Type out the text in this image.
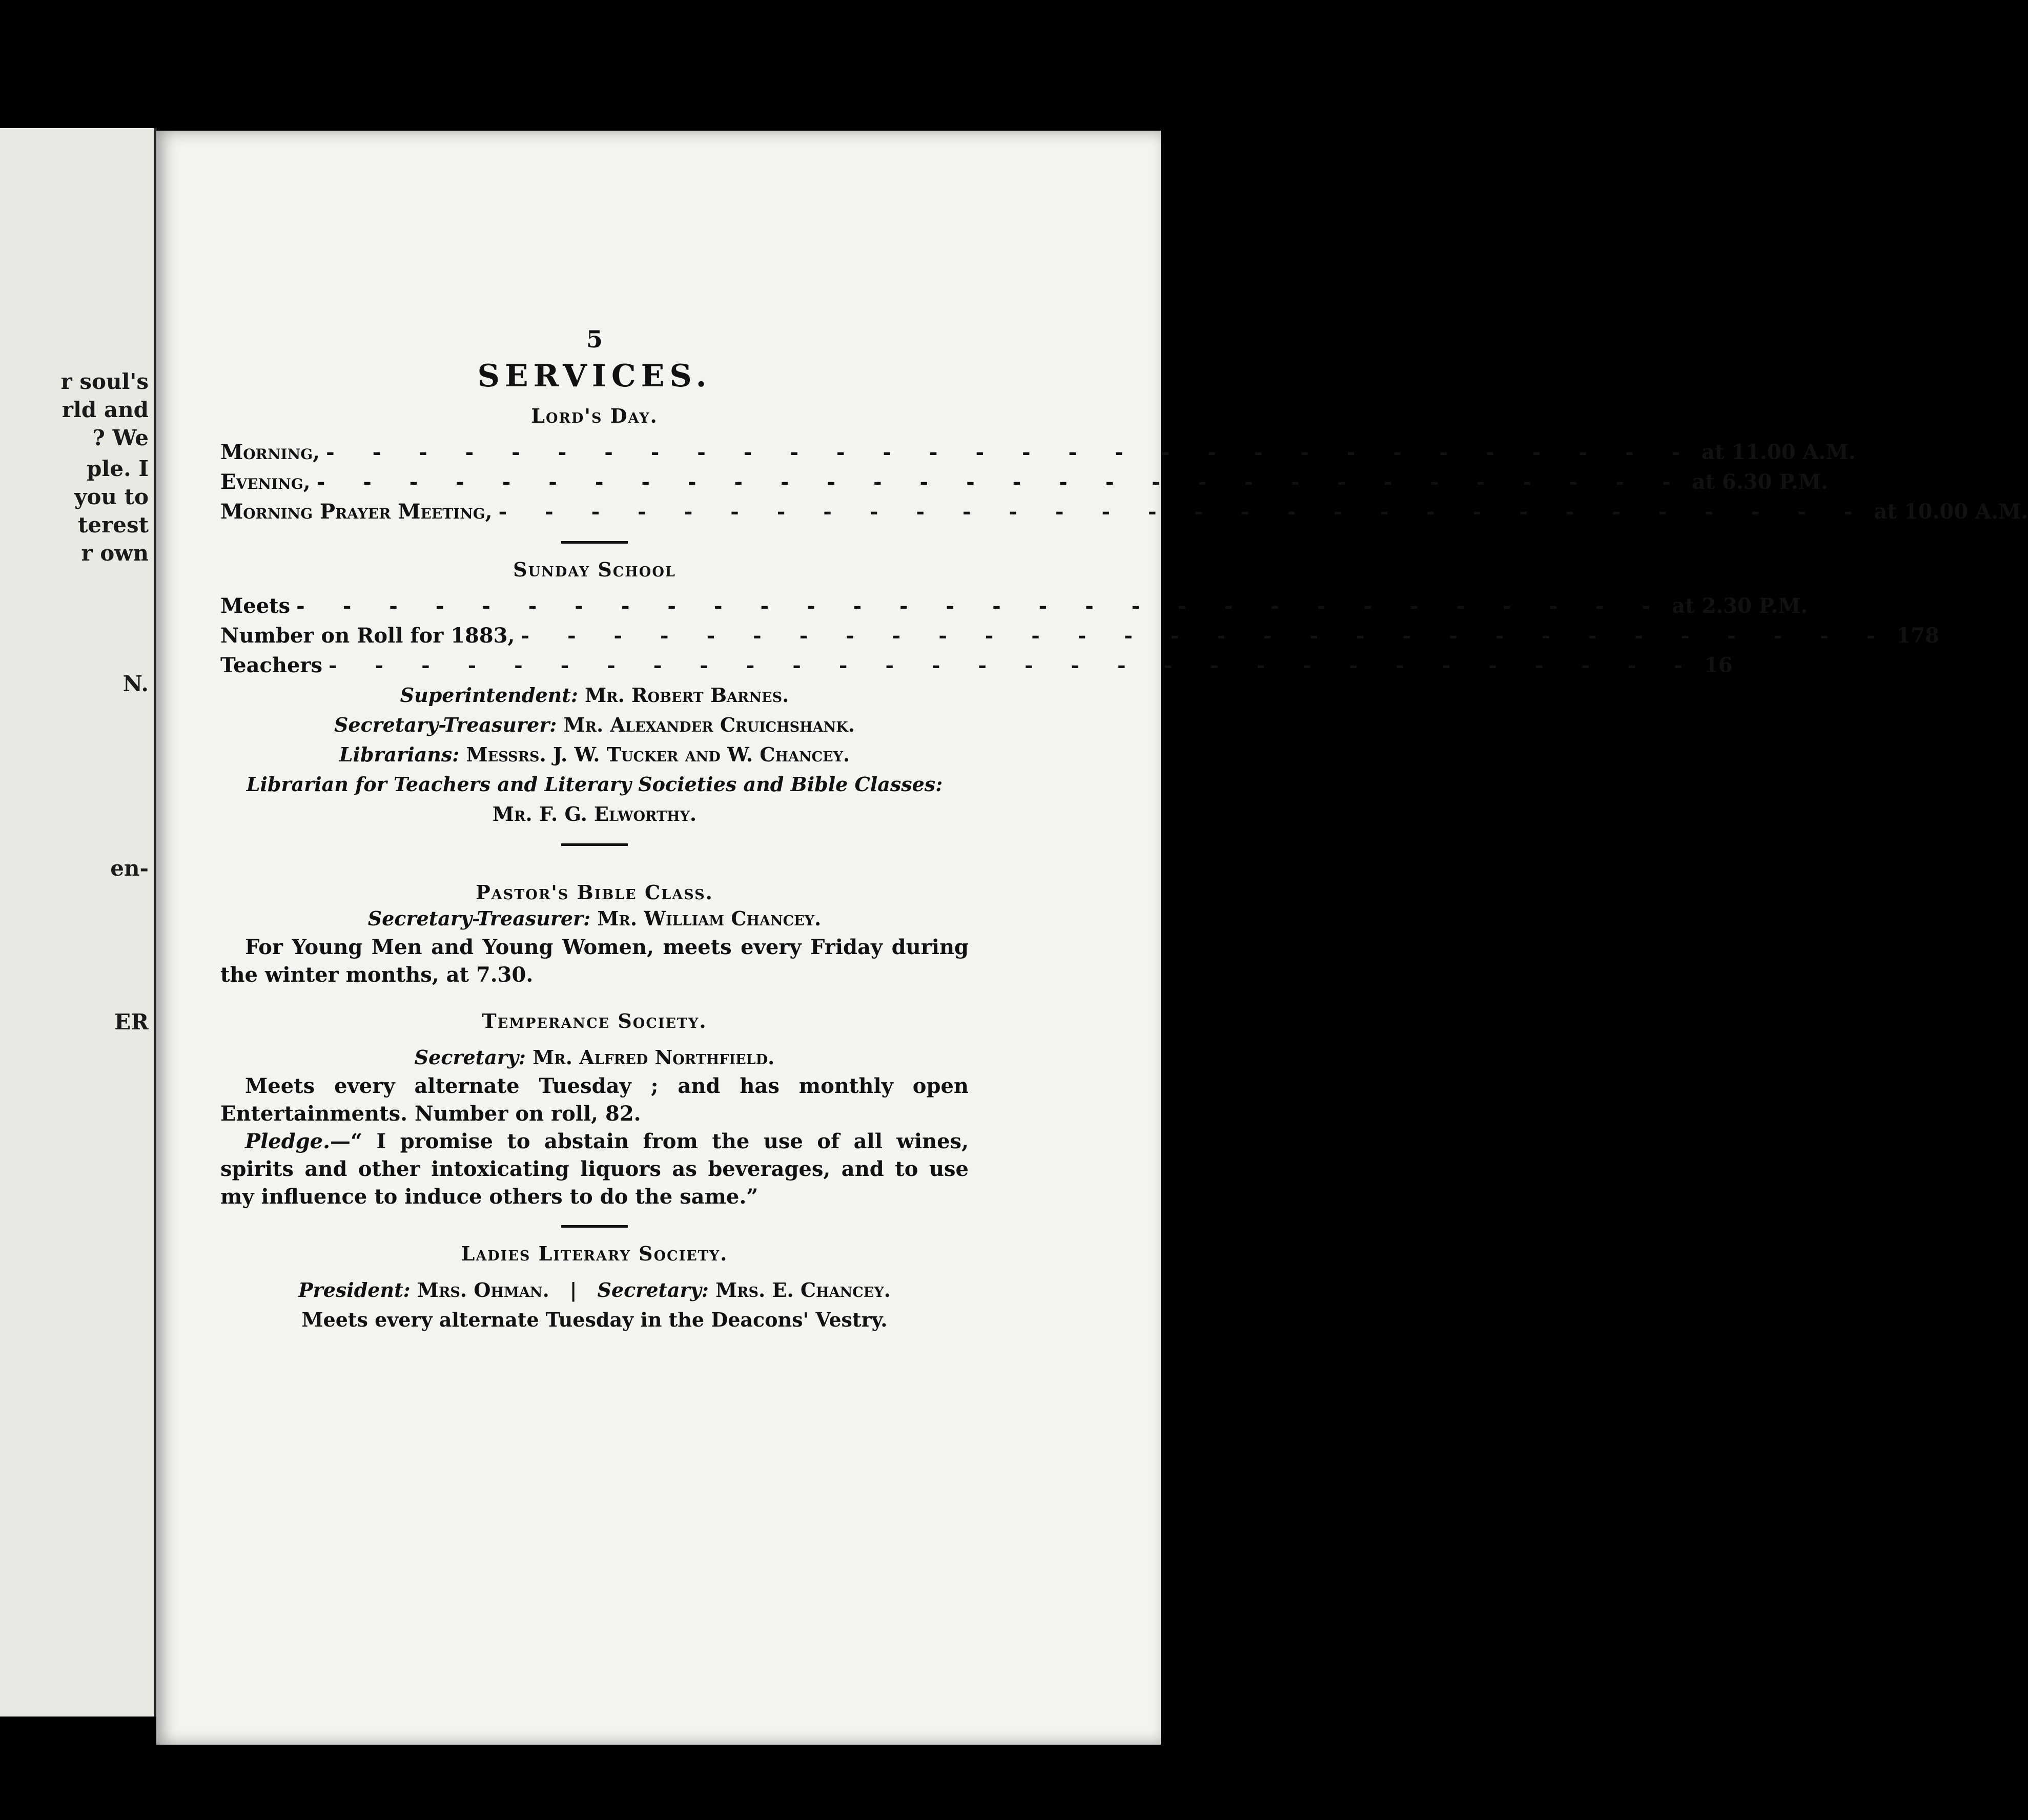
r soul's
rld and
? We
ple. I
you to
terest
r own
N.
en-
ER
5
SERVICES.
Lord's Day.
Morning, - - - - - - - - - - - - - - - - - - - - - - - - - - - - - - at 11.00 A.M.
Evening, - - - - - - - - - - - - - - - - - - - - - - - - - - - - - - at 6.30 P.M.
Morning Prayer Meeting, - - - - - - - - - - - - - - - - - - - - - - - - - - - - - - at 10.00 A.M.
Sunday School
Meets - - - - - - - - - - - - - - - - - - - - - - - - - - - - - - at 2.30 P.M.
Number on Roll for 1883, - - - - - - - - - - - - - - - - - - - - - - - - - - - - - - 178
Teachers - - - - - - - - - - - - - - - - - - - - - - - - - - - - - - 16
Superintendent: Mr. Robert Barnes.
Secretary-Treasurer: Mr. Alexander Cruichshank.
Librarians: Messrs. J. W. Tucker and W. Chancey.
Librarian for Teachers and Literary Societies and Bible Classes:
Mr. F. G. Elworthy.
Pastor's Bible Class.
Secretary-Treasurer: Mr. William Chancey.
For Young Men and Young Women, meets every Friday during the winter months, at 7.30.
Temperance Society.
Secretary: Mr. Alfred Northfield.
Meets every alternate Tuesday ; and has monthly open Entertainments. Number on roll, 82.
Pledge.—“ I promise to abstain from the use of all wines, spirits and other intoxicating liquors as beverages, and to use my influence to induce others to do the same.”
Ladies Literary Society.
President: Mrs. Ohman. | Secretary: Mrs. E. Chancey.
Meets every alternate Tuesday in the Deacons' Vestry.
